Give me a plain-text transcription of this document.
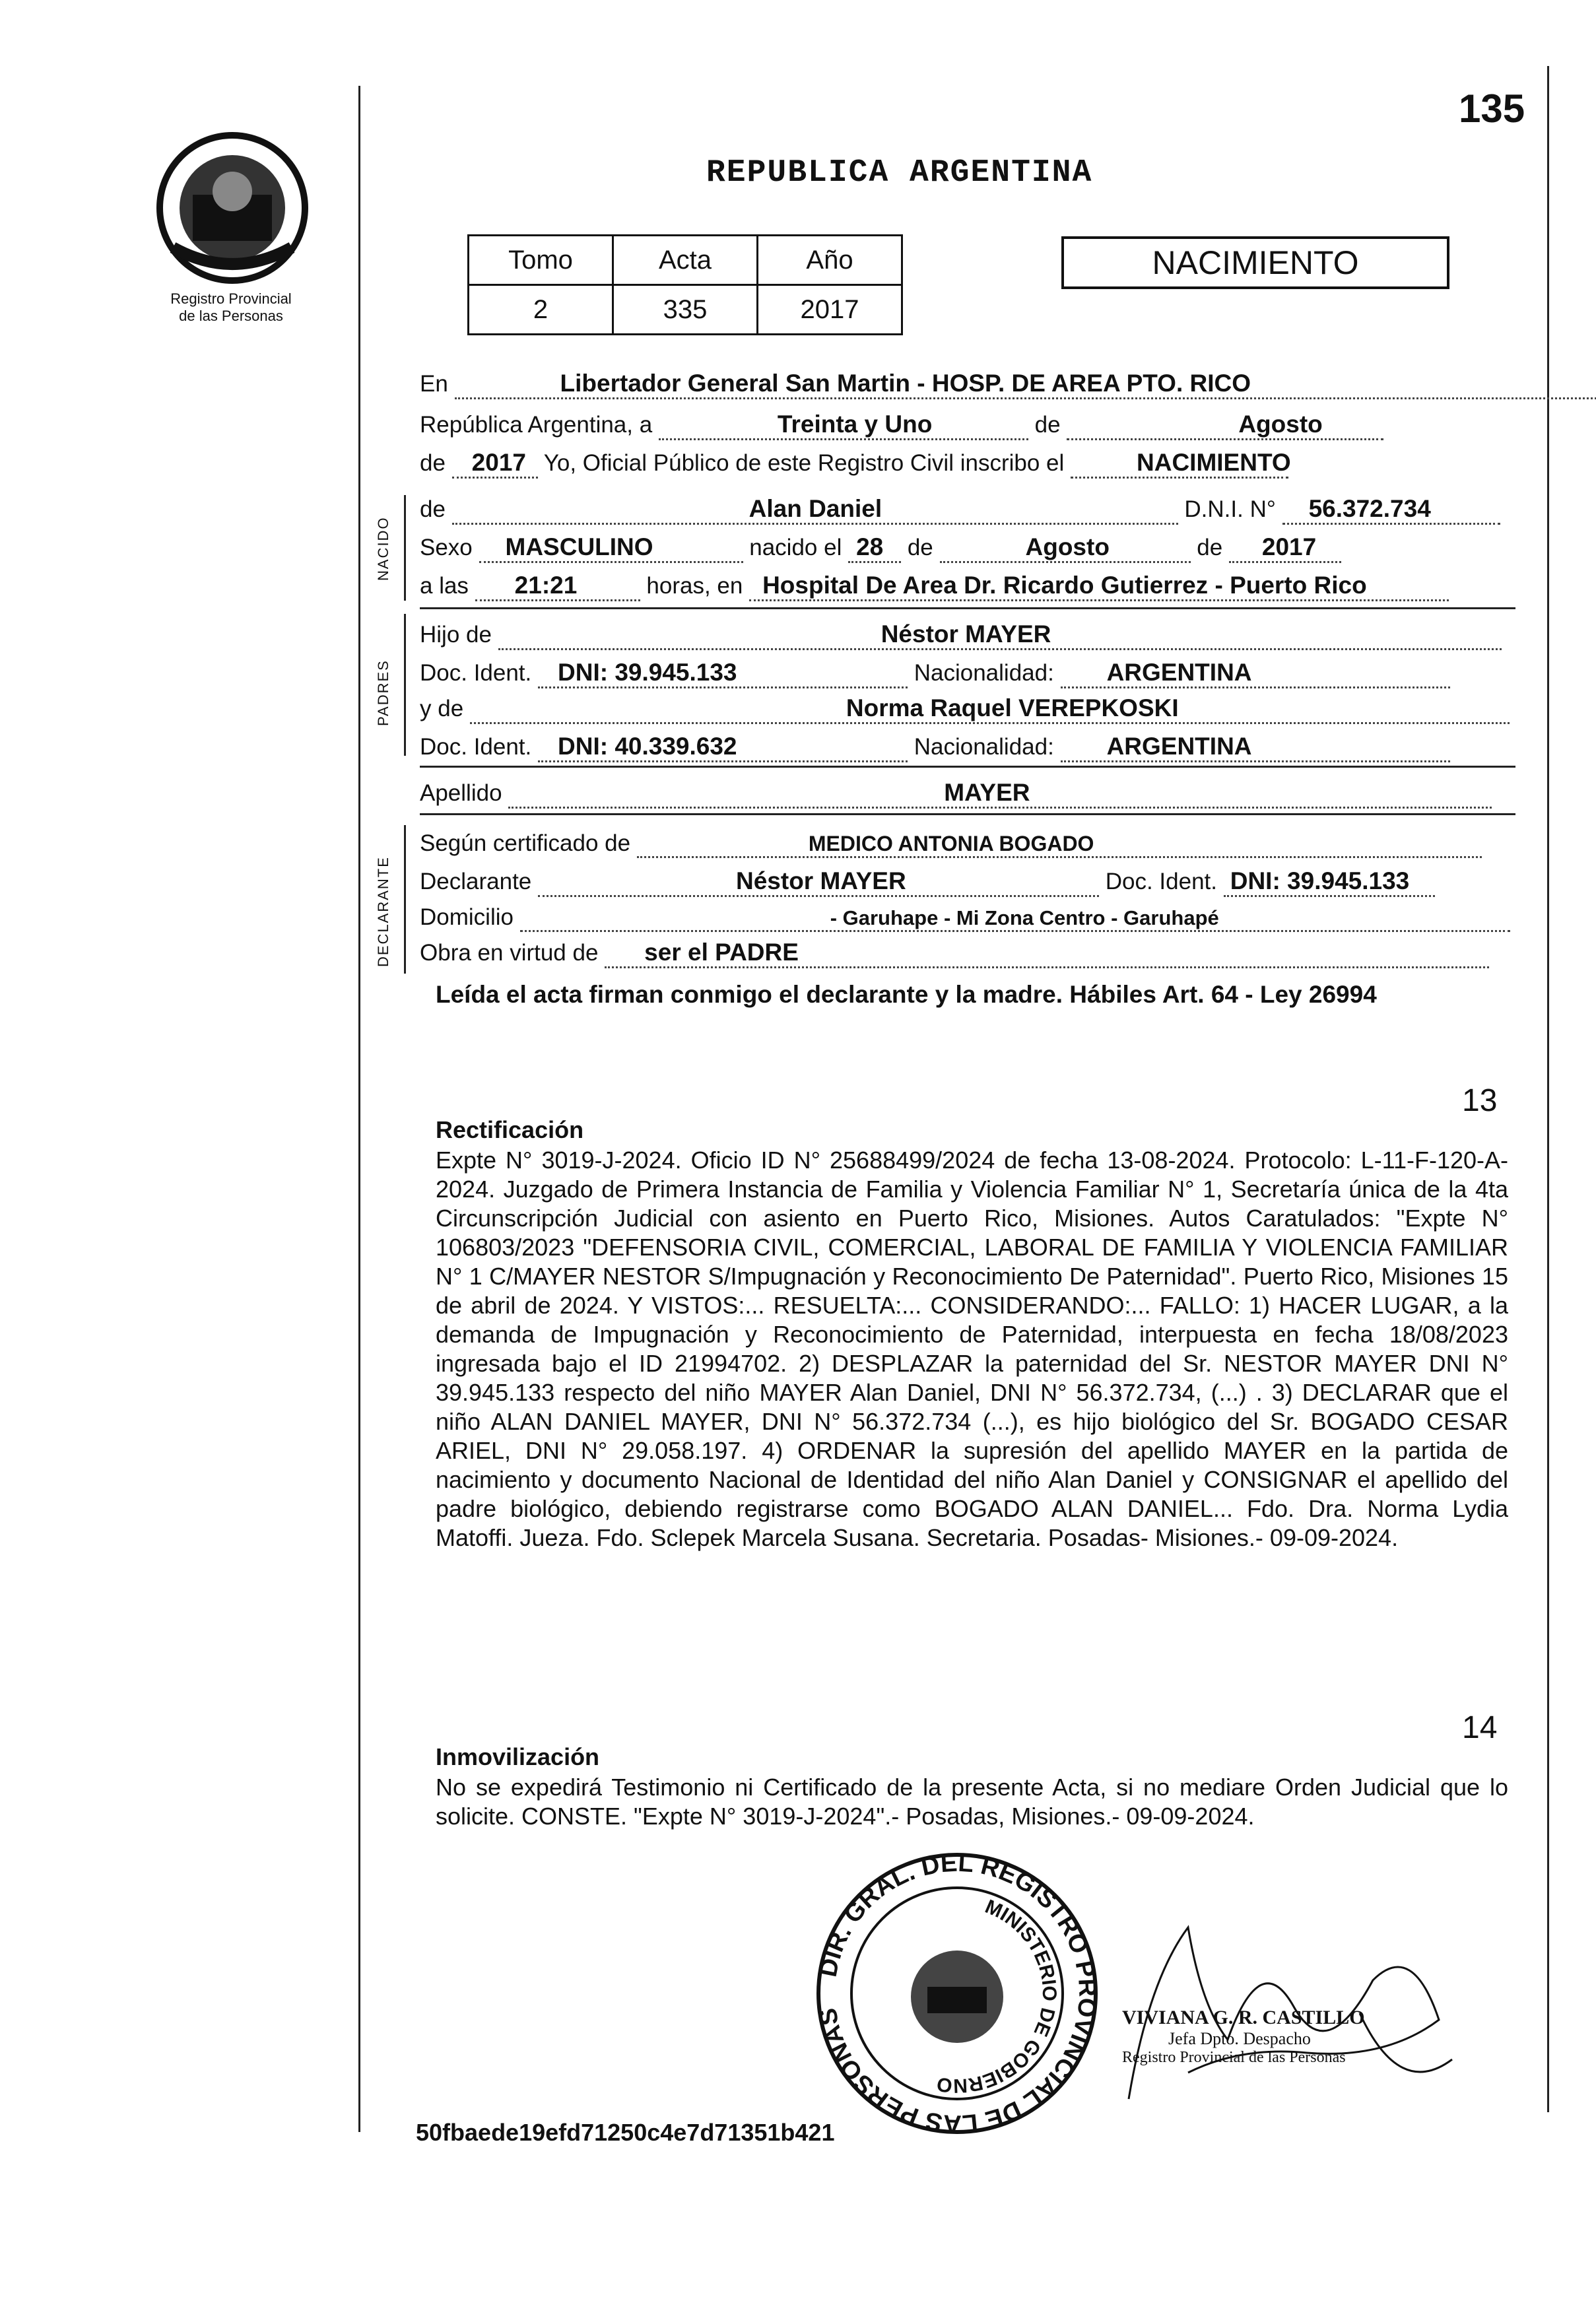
135
Registro Provincial
de las Personas
REPUBLICA ARGENTINA
Tomo	Acta	Año
2	335	2017
NACIMIENTO
En	Libertador General San Martin - HOSP. DE AREA PTO. RICO
República Argentina, a	Treinta y Uno	de	Agosto
de 2017 Yo, Oficial Público de este Registro Civil inscribo el	NACIMIENTO
NACIDO
de	Alan Daniel	D.N.I. N° 56.372.734
Sexo MASCULINO	nacido el 28 de	Agosto	de 2017
a las 21:21	horas, en Hospital De Area Dr. Ricardo Gutierrez - Puerto Rico
PADRES
Hijo de	Néstor MAYER
Doc. Ident. DNI: 39.945.133	Nacionalidad: ARGENTINA
y de	Norma Raquel VEREPKOSKI
Doc. Ident. DNI: 40.339.632	Nacionalidad: ARGENTINA
Apellido	MAYER
DECLARANTE
Según certificado de	MEDICO ANTONIA BOGADO
Declarante	Néstor MAYER	Doc. Ident. DNI: 39.945.133
Domicilio	- Garuhape - Mi Zona Centro - Garuhapé
Obra en virtud de ser el PADRE
Leída el acta firman conmigo el declarante y la madre. Hábiles Art. 64 - Ley 26994
13
Rectificación
Expte N° 3019-J-2024. Oficio ID N° 25688499/2024 de fecha 13-08-2024. Protocolo: L-11-F-120-A-2024. Juzgado de Primera Instancia de Familia y Violencia Familiar N° 1, Secretaría única de la 4ta Circunscripción Judicial con asiento en Puerto Rico, Misiones. Autos Caratulados: "Expte N° 106803/2023 "DEFENSORIA CIVIL, COMERCIAL, LABORAL DE FAMILIA Y VIOLENCIA FAMILIAR N° 1 C/MAYER NESTOR S/Impugnación y Reconocimiento De Paternidad". Puerto Rico, Misiones 15 de abril de 2024. Y VISTOS:... RESUELTA:... CONSIDERANDO:... FALLO: 1) HACER LUGAR, a la demanda de Impugnación y Reconocimiento de Paternidad, interpuesta en fecha 18/08/2023 ingresada bajo el ID 21994702. 2) DESPLAZAR la paternidad del Sr. NESTOR MAYER DNI N° 39.945.133 respecto del niño MAYER Alan Daniel, DNI N° 56.372.734, (...) . 3) DECLARAR que el niño ALAN DANIEL MAYER, DNI N° 56.372.734 (...), es hijo biológico del Sr. BOGADO CESAR ARIEL, DNI N° 29.058.197. 4) ORDENAR la supresión del apellido MAYER en la partida de nacimiento y documento Nacional de Identidad del niño Alan Daniel y CONSIGNAR el apellido del padre biológico, debiendo registrarse como BOGADO ALAN DANIEL... Fdo. Dra. Norma Lydia Matoffi. Jueza. Fdo. Sclepek Marcela Susana. Secretaria. Posadas- Misiones.- 09-09-2024.
14
Inmovilización
No se expedirá Testimonio ni Certificado de la presente Acta, si no mediare Orden Judicial que lo solicite. CONSTE. "Expte N° 3019-J-2024".- Posadas, Misiones.- 09-09-2024.
DIR. GRAL. DEL REGISTRO PROVINCIAL DE LAS PERSONAS
MINISTERIO DE GOBIERNO
VIVIANA G. R. CASTILLO
Jefa Dpto. Despacho
Registro Provincial de las Personas
50fbaede19efd71250c4e7d71351b421
